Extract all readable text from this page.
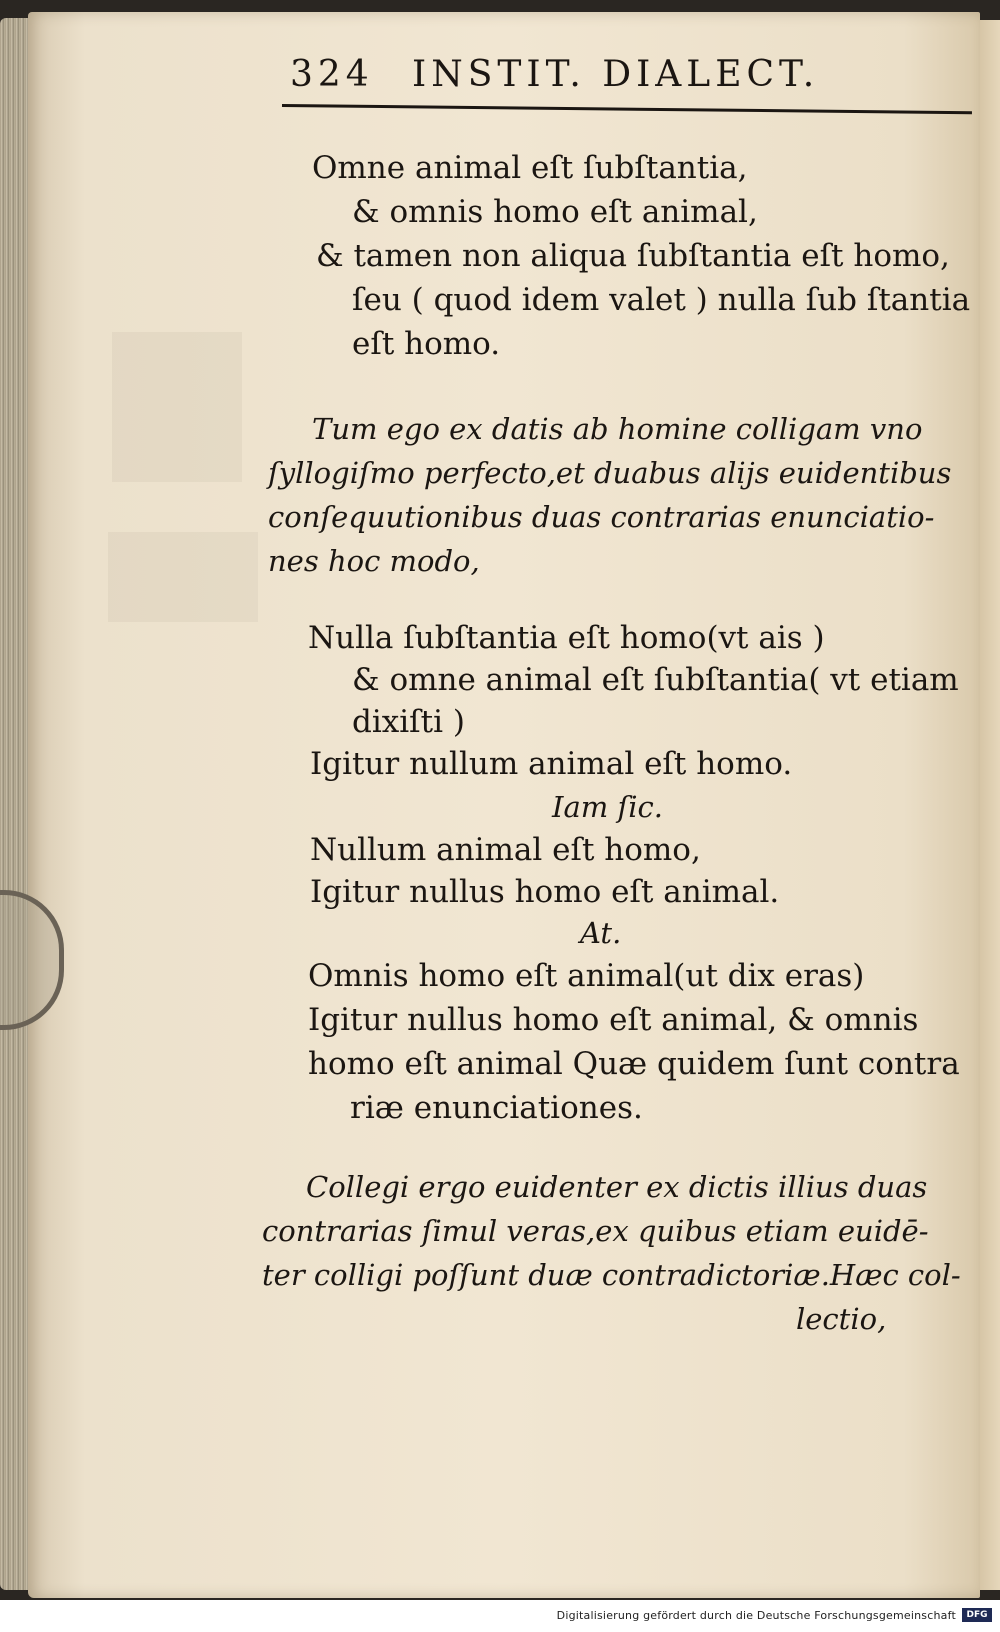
324 INSTIT. DIALECT.
Omne animal eſt ſubſtantia,
& omnis homo eſt animal,
& tamen non aliqua ſubſtantia eſt homo,
ſeu ( quod idem valet ) nulla ſub ſtantia
eſt homo.
Tum ego ex datis ab homine colligam vno
ſyllogiſmo perfecto,et duabus alijs euidentibus
conſequutionibus duas contrarias enunciatio-
nes hoc modo,
Nulla ſubſtantia eſt homo(vt ais )
& omne animal eſt ſubſtantia( vt etiam
dixiſti )
Igitur nullum animal eſt homo.
Iam ſic.
Nullum animal eſt homo,
Igitur nullus homo eſt animal.
At.
Omnis homo eſt animal(ut dix eras)
Igitur nullus homo eſt animal, & omnis
homo eſt animal Quæ quidem ſunt contra
riæ enunciationes.
Collegi ergo euidenter ex dictis illius duas
contrarias ſimul veras,ex quibus etiam euidē-
ter colligi poſſunt duæ contradictoriæ.Hæc col-
lectio,
Digitalisierung gefördert durch die Deutsche Forschungsgemeinschaft	DFG
